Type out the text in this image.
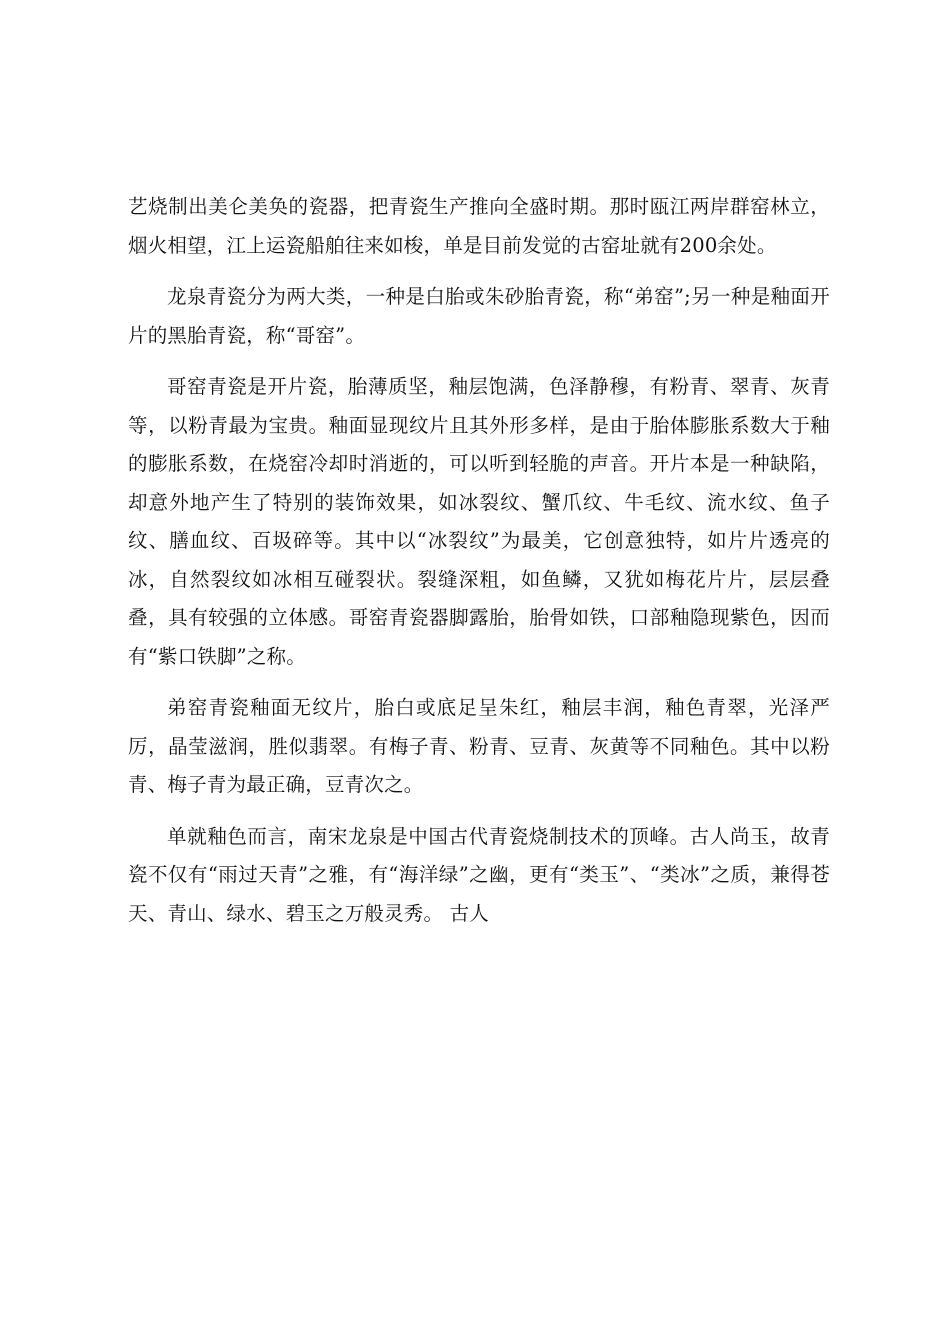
艺烧制出美仑美奂的瓷器，把青瓷生产推向全盛时期。那时瓯江两岸群窑林立，烟火相望，江上运瓷船舶往来如梭，单是目前发觉的古窑址就有200余处。

龙泉青瓷分为两大类，一种是白胎或朱砂胎青瓷，称“弟窑”;另一种是釉面开片的黑胎青瓷，称“哥窑”。

哥窑青瓷是开片瓷，胎薄质坚，釉层饱满，色泽静穆，有粉青、翠青、灰青等，以粉青最为宝贵。釉面显现纹片且其外形多样，是由于胎体膨胀系数大于釉的膨胀系数，在烧窑冷却时消逝的，可以听到轻脆的声音。开片本是一种缺陷，却意外地产生了特别的装饰效果，如冰裂纹、蟹爪纹、牛毛纹、流水纹、鱼子纹、膳血纹、百圾碎等。其中以“冰裂纹”为最美，它创意独特，如片片透亮的冰，自然裂纹如冰相互碰裂状。裂缝深粗，如鱼鳞，又犹如梅花片片，层层叠叠，具有较强的立体感。哥窑青瓷器脚露胎，胎骨如铁，口部釉隐现紫色，因而有“紫口铁脚”之称。

弟窑青瓷釉面无纹片，胎白或底足呈朱红，釉层丰润，釉色青翠，光泽严厉，晶莹滋润，胜似翡翠。有梅子青、粉青、豆青、灰黄等不同釉色。其中以粉青、梅子青为最正确，豆青次之。

单就釉色而言，南宋龙泉是中国古代青瓷烧制技术的顶峰。古人尚玉，故青瓷不仅有“雨过天青”之雅，有“海洋绿”之幽，更有“类玉”、“类冰”之质，兼得苍天、青山、绿水、碧玉之万般灵秀。 古人
